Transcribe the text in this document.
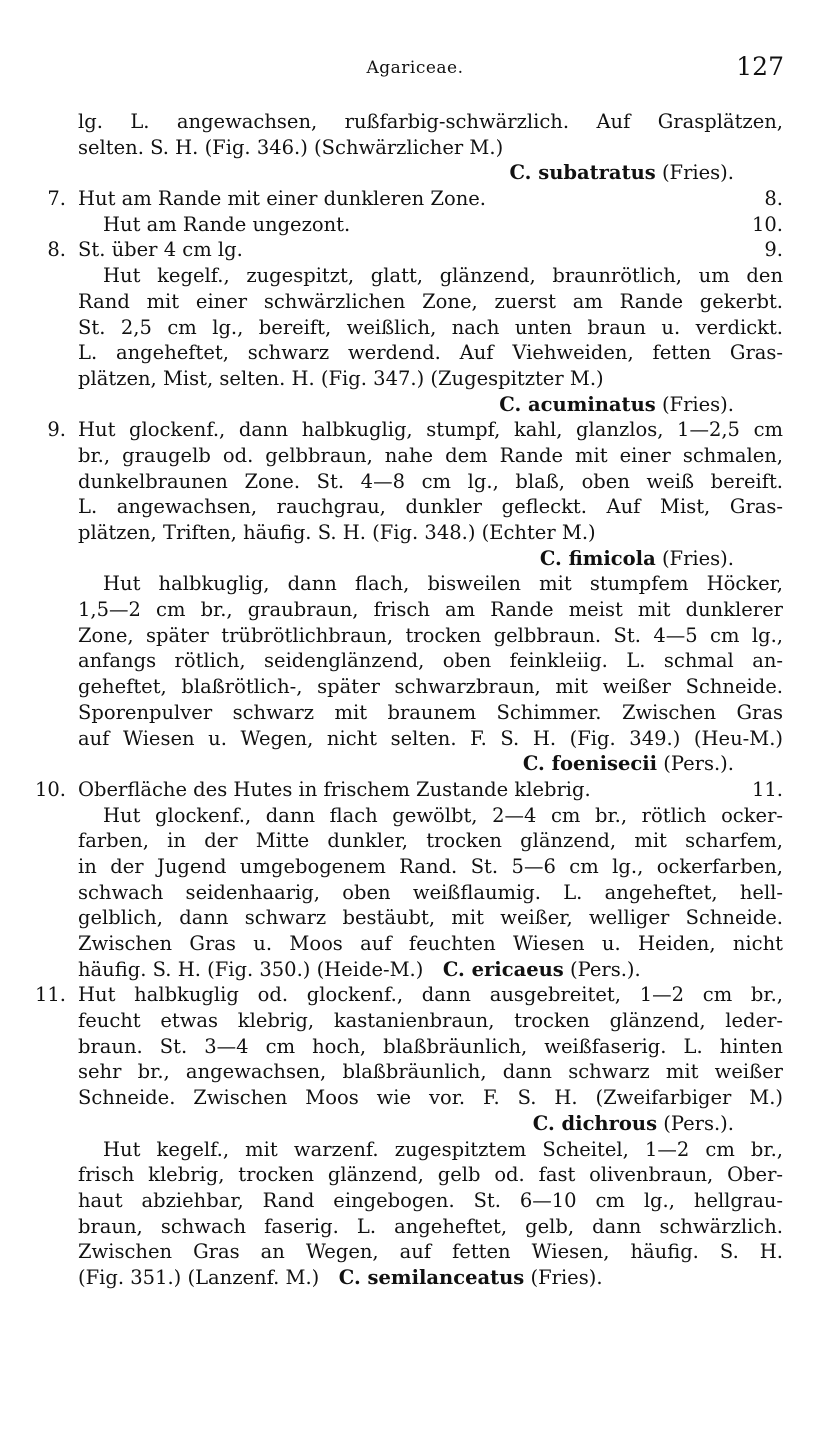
Agariceae.	127
lg. L. angewachsen, rußfarbig-schwärzlich. Auf Grasplätzen,
selten. S. H. (Fig. 346.) (Schwärzlicher M.)
C. subatratus (Fries).
7. Hut am Rande mit einer dunkleren Zone.	8.
Hut am Rande ungezont.	10.
8. St. über 4 cm lg.	9.
Hut kegelf., zugespitzt, glatt, glänzend, braunrötlich, um den
Rand mit einer schwärzlichen Zone, zuerst am Rande gekerbt.
St. 2,5 cm lg., bereift, weißlich, nach unten braun u. verdickt.
L. angeheftet, schwarz werdend. Auf Viehweiden, fetten Gras-
plätzen, Mist, selten. H. (Fig. 347.) (Zugespitzter M.)
C. acuminatus (Fries).
9. Hut glockenf., dann halbkuglig, stumpf, kahl, glanzlos, 1—2,5 cm
br., graugelb od. gelbbraun, nahe dem Rande mit einer schmalen,
dunkelbraunen Zone. St. 4—8 cm lg., blaß, oben weiß bereift.
L. angewachsen, rauchgrau, dunkler gefleckt. Auf Mist, Gras-
plätzen, Triften, häufig. S. H. (Fig. 348.) (Echter M.)
C. fimicola (Fries).
Hut halbkuglig, dann flach, bisweilen mit stumpfem Höcker,
1,5—2 cm br., graubraun, frisch am Rande meist mit dunklerer
Zone, später trübrötlichbraun, trocken gelbbraun. St. 4—5 cm lg.,
anfangs rötlich, seidenglänzend, oben feinkleiig. L. schmal an-
geheftet, blaßrötlich-, später schwarzbraun, mit weißer Schneide.
Sporenpulver schwarz mit braunem Schimmer. Zwischen Gras
auf Wiesen u. Wegen, nicht selten. F. S. H. (Fig. 349.) (Heu-M.)
C. foenisecii (Pers.).
10. Oberfläche des Hutes in frischem Zustande klebrig.	11.
Hut glockenf., dann flach gewölbt, 2—4 cm br., rötlich ocker-
farben, in der Mitte dunkler, trocken glänzend, mit scharfem,
in der Jugend umgebogenem Rand. St. 5—6 cm lg., ockerfarben,
schwach seidenhaarig, oben weißflaumig. L. angeheftet, hell-
gelblich, dann schwarz bestäubt, mit weißer, welliger Schneide.
Zwischen Gras u. Moos auf feuchten Wiesen u. Heiden, nicht
häufig. S. H. (Fig. 350.) (Heide-M.)  C. ericaeus (Pers.).
11. Hut halbkuglig od. glockenf., dann ausgebreitet, 1—2 cm br.,
feucht etwas klebrig, kastanienbraun, trocken glänzend, leder-
braun. St. 3—4 cm hoch, blaßbräunlich, weißfaserig. L. hinten
sehr br., angewachsen, blaßbräunlich, dann schwarz mit weißer
Schneide. Zwischen Moos wie vor. F. S. H. (Zweifarbiger M.)
C. dichrous (Pers.).
Hut kegelf., mit warzenf. zugespitztem Scheitel, 1—2 cm br.,
frisch klebrig, trocken glänzend, gelb od. fast olivenbraun, Ober-
haut abziehbar, Rand eingebogen. St. 6—10 cm lg., hellgrau-
braun, schwach faserig. L. angeheftet, gelb, dann schwärzlich.
Zwischen Gras an Wegen, auf fetten Wiesen, häufig. S. H.
(Fig. 351.) (Lanzenf. M.)  C. semilanceatus (Fries).
